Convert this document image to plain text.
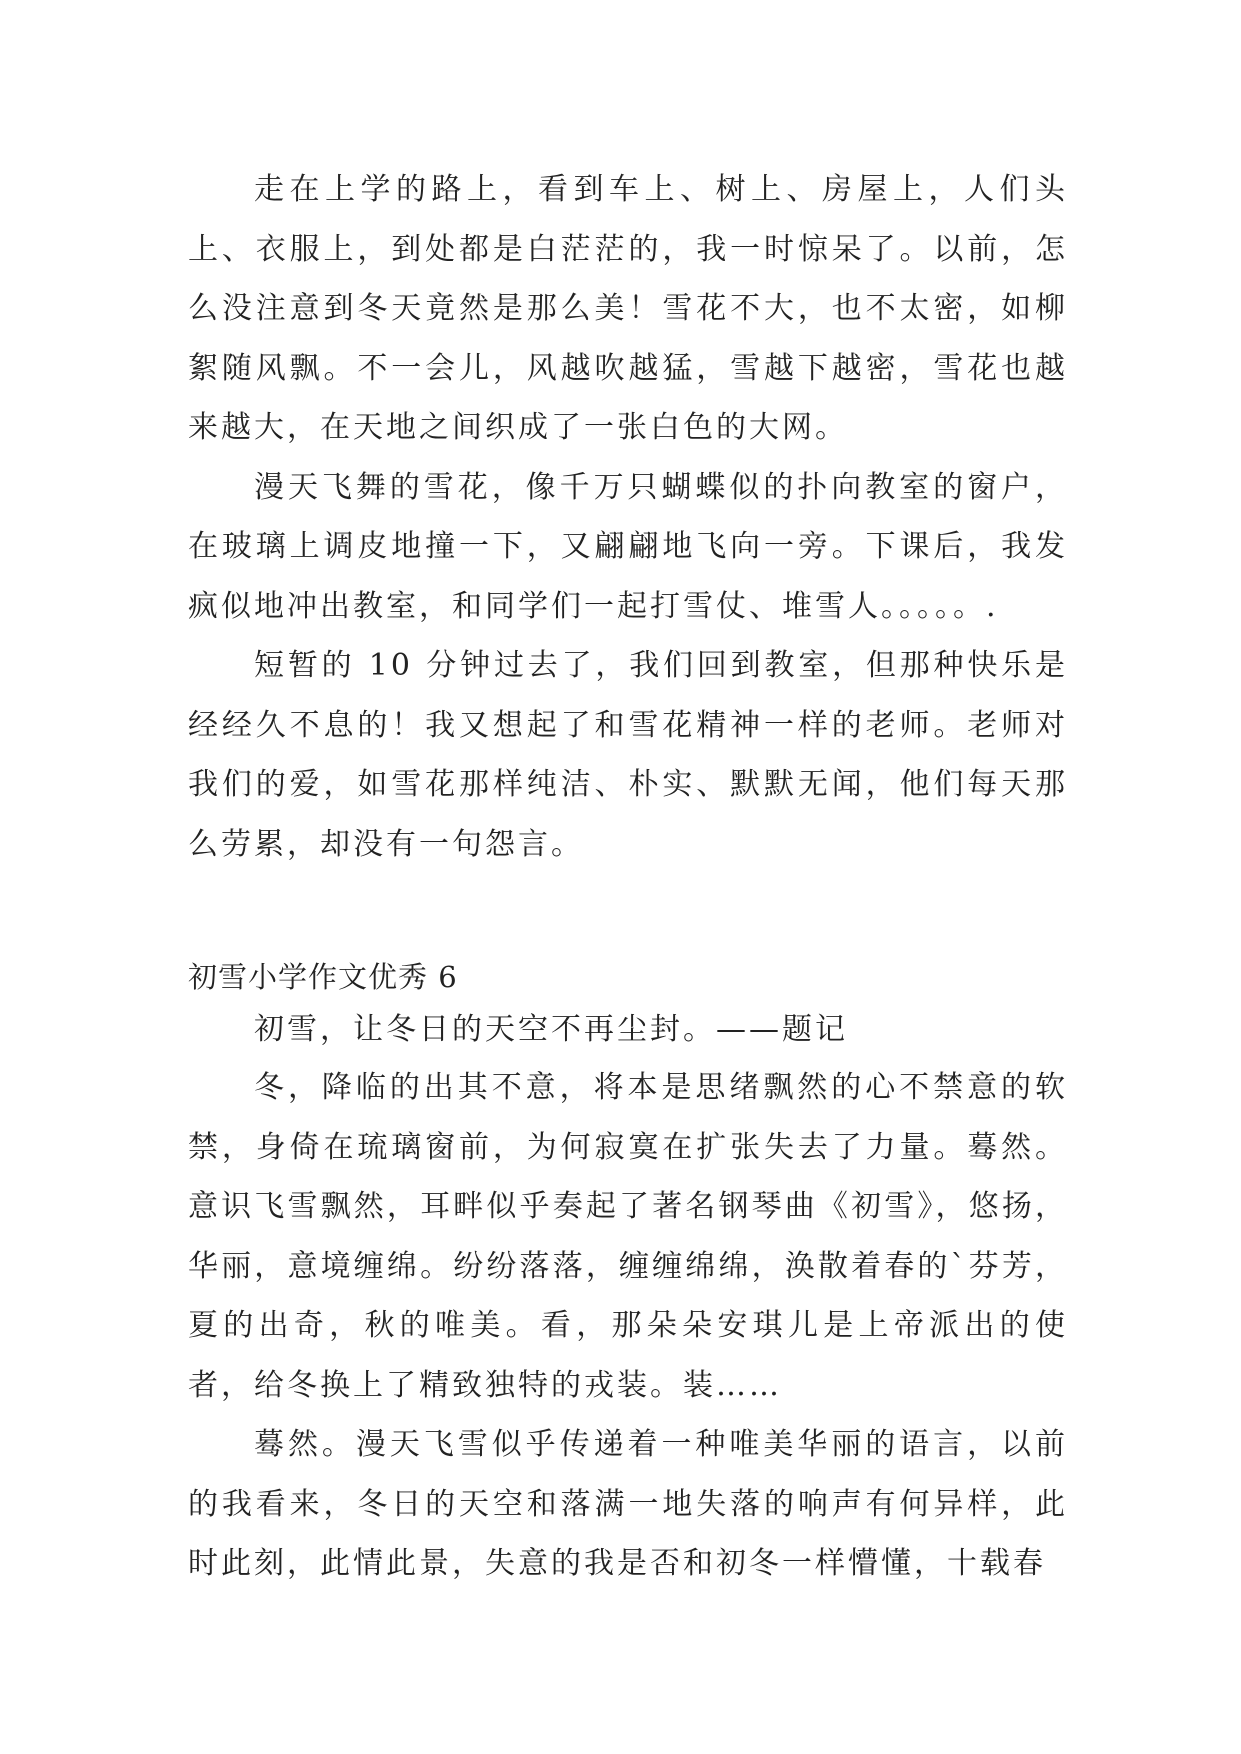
走在上学的路上，看到车上、树上、房屋上，人们头上、衣服上，到处都是白茫茫的，我一时惊呆了。以前，怎么没注意到冬天竟然是那么美！雪花不大，也不太密，如柳絮随风飘。不一会儿，风越吹越猛，雪越下越密，雪花也越来越大，在天地之间织成了一张白色的大网。

漫天飞舞的雪花，像千万只蝴蝶似的扑向教室的窗户，在玻璃上调皮地撞一下，又翩翩地飞向一旁。下课后，我发疯似地冲出教室，和同学们一起打雪仗、堆雪人。。。。。.

短暂的 10 分钟过去了，我们回到教室，但那种快乐是经经久不息的！我又想起了和雪花精神一样的老师。老师对我们的爱，如雪花那样纯洁、朴实、默默无闻，他们每天那么劳累，却没有一句怨言。

初雪小学作文优秀 6

初雪，让冬日的天空不再尘封。——题记

冬，降临的出其不意，将本是思绪飘然的心不禁意的软禁，身倚在琉璃窗前，为何寂寞在扩张失去了力量。蓦然。意识飞雪飘然，耳畔似乎奏起了著名钢琴曲《初雪》，悠扬，华丽，意境缠绵。纷纷落落，缠缠绵绵，涣散着春的`芬芳，夏的出奇，秋的唯美。看，那朵朵安琪儿是上帝派出的使者，给冬换上了精致独特的戎装。装……

蓦然。漫天飞雪似乎传递着一种唯美华丽的语言，以前的我看来，冬日的天空和落满一地失落的响声有何异样，此时此刻，此情此景，失意的我是否和初冬一样懵懂，十载春
